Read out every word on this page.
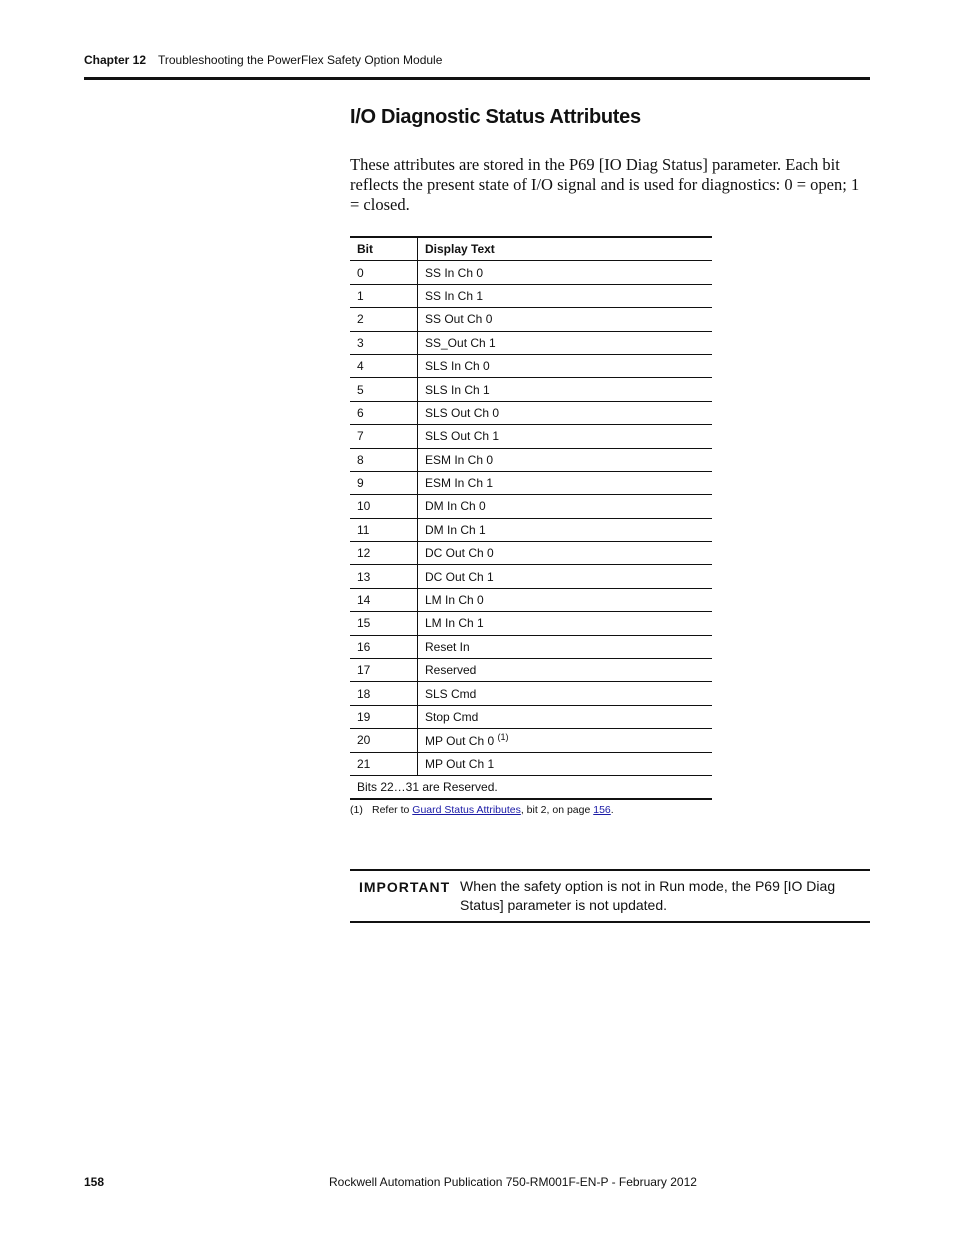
Chapter 12 Troubleshooting the PowerFlex Safety Option Module
I/O Diagnostic Status Attributes

These attributes are stored in the P69 [IO Diag Status] parameter. Each bit reflects the present state of I/O signal and is used for diagnostics: 0 = open; 1 = closed.

Bit	Display Text
0	SS In Ch 0
1	SS In Ch 1
2	SS Out Ch 0
3	SS_Out Ch 1
4	SLS In Ch 0
5	SLS In Ch 1
6	SLS Out Ch 0
7	SLS Out Ch 1
8	ESM In Ch 0
9	ESM In Ch 1
10	DM In Ch 0
11	DM In Ch 1
12	DC Out Ch 0
13	DC Out Ch 1
14	LM In Ch 0
15	LM In Ch 1
16	Reset In
17	Reserved
18	SLS Cmd
19	Stop Cmd
20	MP Out Ch 0 $^{(1)}$
21	MP Out Ch 1
Bits 22…31 are Reserved.	
(1) Refer to Guard Status Attributes, bit 2, on page 156.
IMPORTANT When the safety option is not in Run mode, the P69 [IO Diag Status] parameter is not updated.
158	Rockwell Automation Publication 750-RM001F-EN-P - February 2012
